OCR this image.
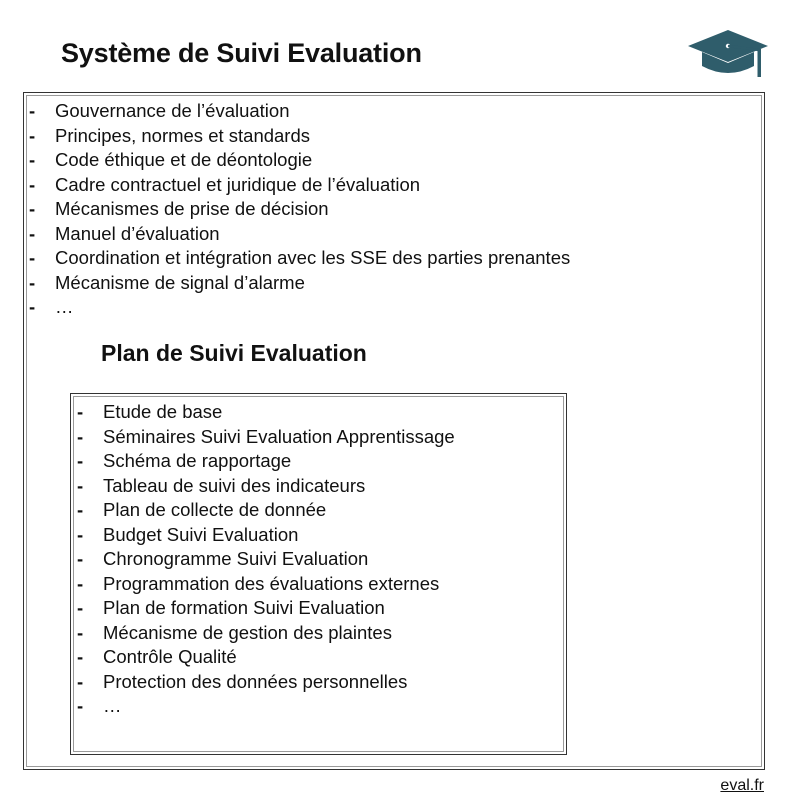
Système de Suivi Evaluation
- Gouvernance de l’évaluation
- Principes, normes et standards
- Code éthique et de déontologie
- Cadre contractuel et juridique de l’évaluation
- Mécanismes de prise de décision
- Manuel d’évaluation
- Coordination et intégration avec les SSE des parties prenantes
- Mécanisme de signal d’alarme
- …
Plan de Suivi Evaluation
- Etude de base
- Séminaires Suivi Evaluation Apprentissage
- Schéma de rapportage
- Tableau de suivi des indicateurs
- Plan de collecte de donnée
- Budget Suivi Evaluation
- Chronogramme Suivi Evaluation
- Programmation des évaluations externes
- Plan de formation Suivi Evaluation
- Mécanisme de gestion des plaintes
- Contrôle Qualité
- Protection des données personnelles
- …
eval.fr
